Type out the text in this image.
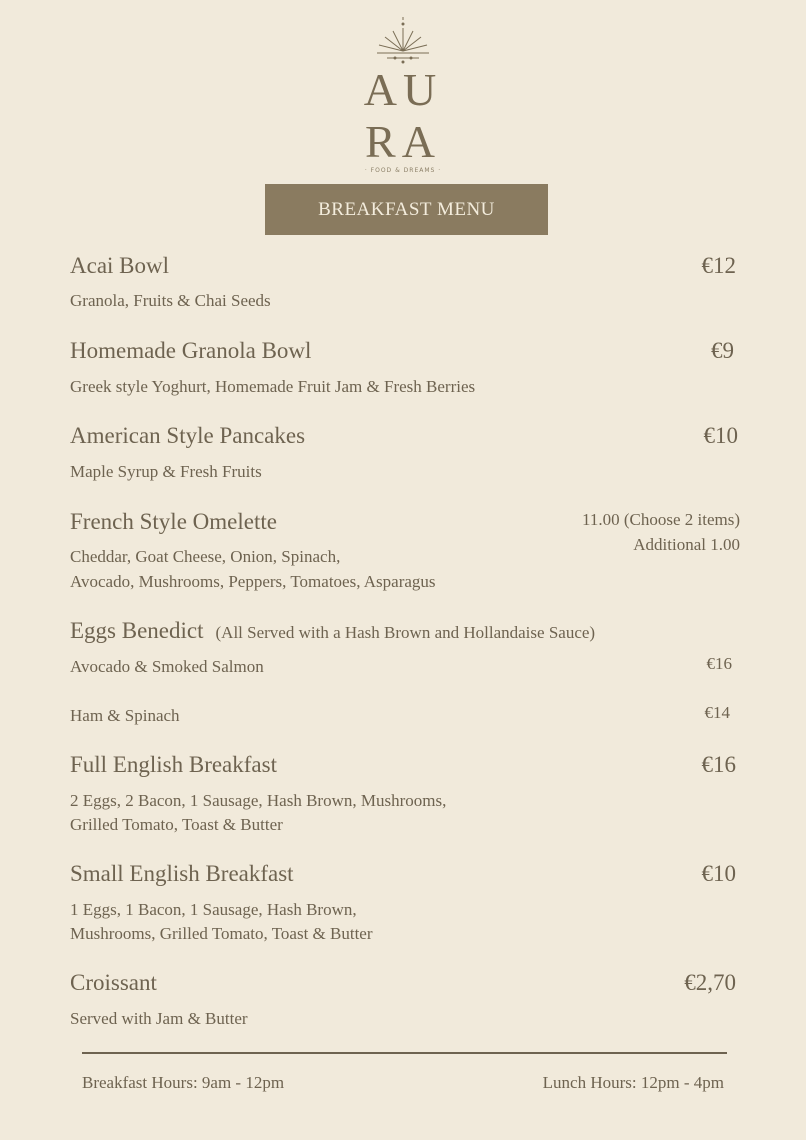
AU
RA
· FOOD & DREAMS ·
BREAKFAST MENU
Acai Bowl	€12
Granola, Fruits & Chai Seeds
Homemade Granola Bowl	€9
Greek style Yoghurt, Homemade Fruit Jam & Fresh Berries
American Style Pancakes	€10
Maple Syrup & Fresh Fruits
French Style Omelette	11.00 (Choose 2 items)
Additional 1.00
Cheddar, Goat Cheese, Onion, Spinach,
Avocado, Mushrooms, Peppers, Tomatoes, Asparagus
Eggs Benedict (All Served with a Hash Brown and Hollandaise Sauce)
Avocado & Smoked Salmon	€16
Ham & Spinach	€14
Full English Breakfast	€16
2 Eggs, 2 Bacon, 1 Sausage, Hash Brown, Mushrooms,
Grilled Tomato, Toast & Butter
Small English Breakfast	€10
1 Eggs, 1 Bacon, 1 Sausage, Hash Brown,
Mushrooms, Grilled Tomato, Toast & Butter
Croissant	€2,70
Served with Jam & Butter
Breakfast Hours: 9am - 12pm	Lunch Hours: 12pm - 4pm
